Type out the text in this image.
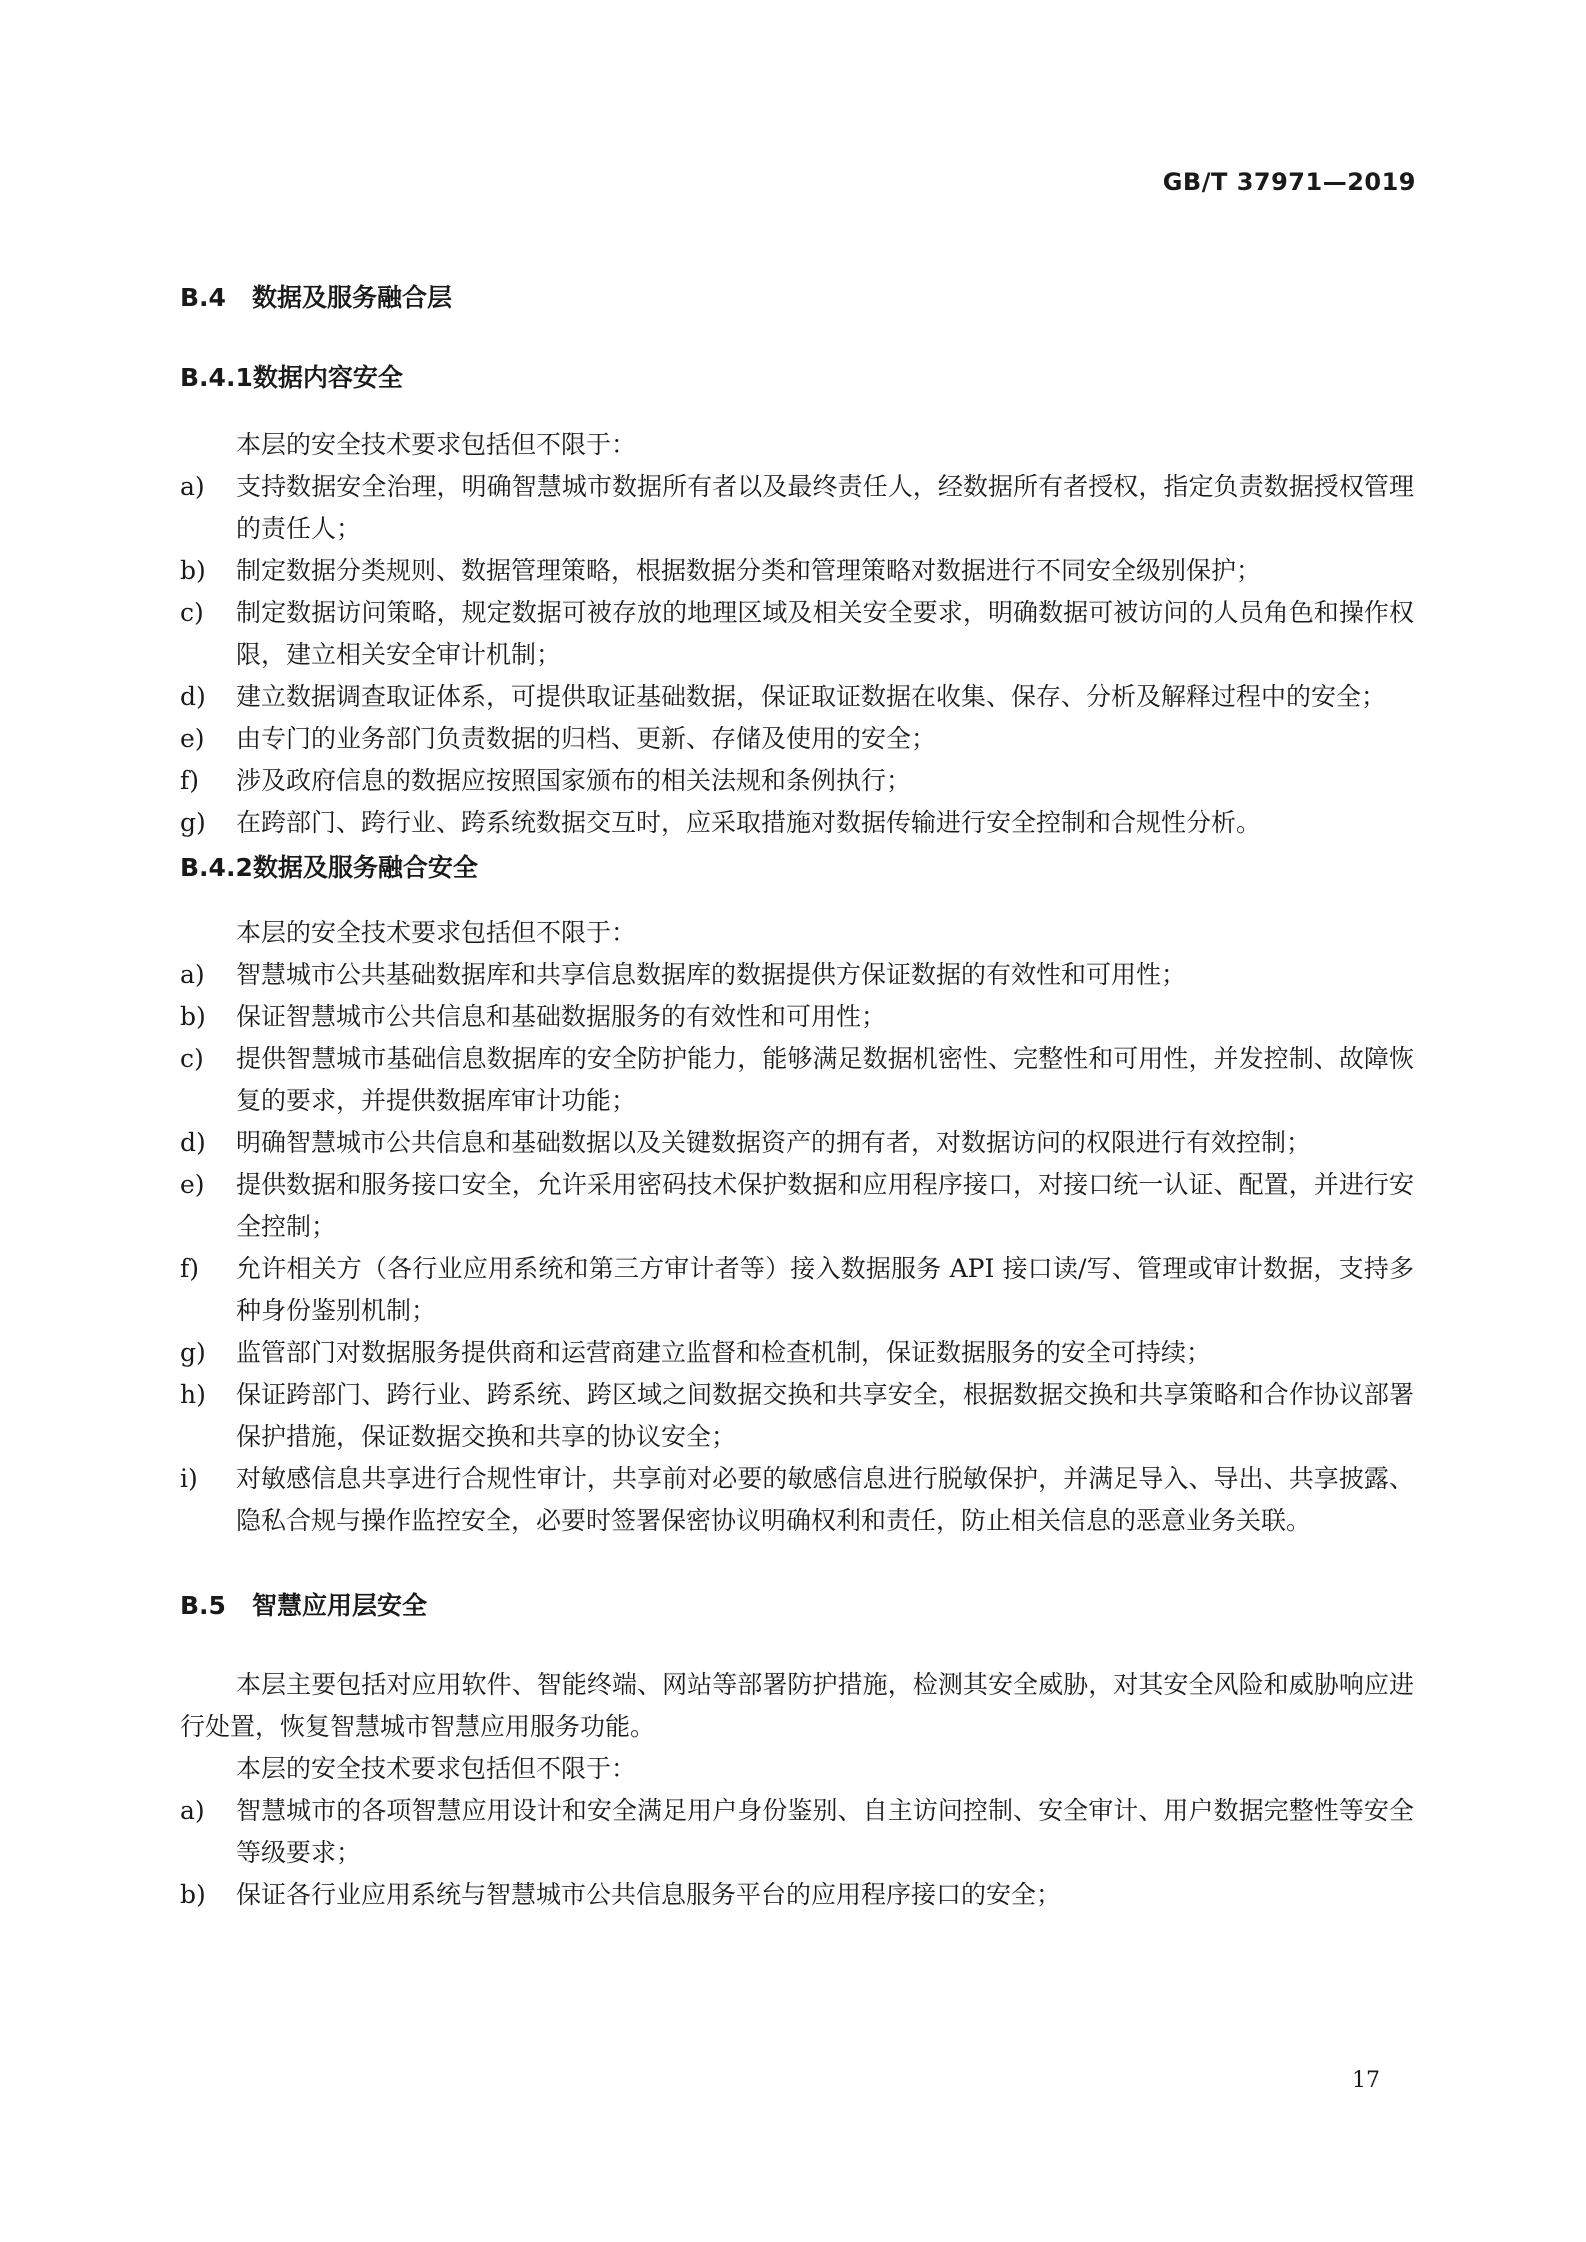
GB/T 37971—2019
B.4 数据及服务融合层
B.4.1数据内容安全

本层的安全技术要求包括但不限于：

a)	支持数据安全治理，明确智慧城市数据所有者以及最终责任人，经数据所有者授权，指定负责数据授权管理的责任人；
b)	制定数据分类规则、数据管理策略，根据数据分类和管理策略对数据进行不同安全级别保护；
c)	制定数据访问策略，规定数据可被存放的地理区域及相关安全要求，明确数据可被访问的人员角色和操作权限，建立相关安全审计机制；
d)	建立数据调查取证体系，可提供取证基础数据，保证取证数据在收集、保存、分析及解释过程中的安全；
e)	由专门的业务部门负责数据的归档、更新、存储及使用的安全；
f)	涉及政府信息的数据应按照国家颁布的相关法规和条例执行；
g)	在跨部门、跨行业、跨系统数据交互时，应采取措施对数据传输进行安全控制和合规性分析。
B.4.2数据及服务融合安全

本层的安全技术要求包括但不限于：

a)	智慧城市公共基础数据库和共享信息数据库的数据提供方保证数据的有效性和可用性；
b)	保证智慧城市公共信息和基础数据服务的有效性和可用性；
c)	提供智慧城市基础信息数据库的安全防护能力，能够满足数据机密性、完整性和可用性，并发控制、故障恢复的要求，并提供数据库审计功能；
d)	明确智慧城市公共信息和基础数据以及关键数据资产的拥有者，对数据访问的权限进行有效控制；
e)	提供数据和服务接口安全，允许采用密码技术保护数据和应用程序接口，对接口统一认证、配置，并进行安全控制；
f)	允许相关方（各行业应用系统和第三方审计者等）接入数据服务 API 接口读/写、管理或审计数据，支持多种身份鉴别机制；
g)	监管部门对数据服务提供商和运营商建立监督和检查机制，保证数据服务的安全可持续；
h)	保证跨部门、跨行业、跨系统、跨区域之间数据交换和共享安全，根据数据交换和共享策略和合作协议部署保护措施，保证数据交换和共享的协议安全；
i)	对敏感信息共享进行合规性审计，共享前对必要的敏感信息进行脱敏保护，并满足导入、导出、共享披露、隐私合规与操作监控安全，必要时签署保密协议明确权利和责任，防止相关信息的恶意业务关联。
B.5 智慧应用层安全

本层主要包括对应用软件、智能终端、网站等部署防护措施，检测其安全威胁，对其安全风险和威胁响应进行处置，恢复智慧城市智慧应用服务功能。

本层的安全技术要求包括但不限于：

a)	智慧城市的各项智慧应用设计和安全满足用户身份鉴别、自主访问控制、安全审计、用户数据完整性等安全等级要求；
b)	保证各行业应用系统与智慧城市公共信息服务平台的应用程序接口的安全；
17
